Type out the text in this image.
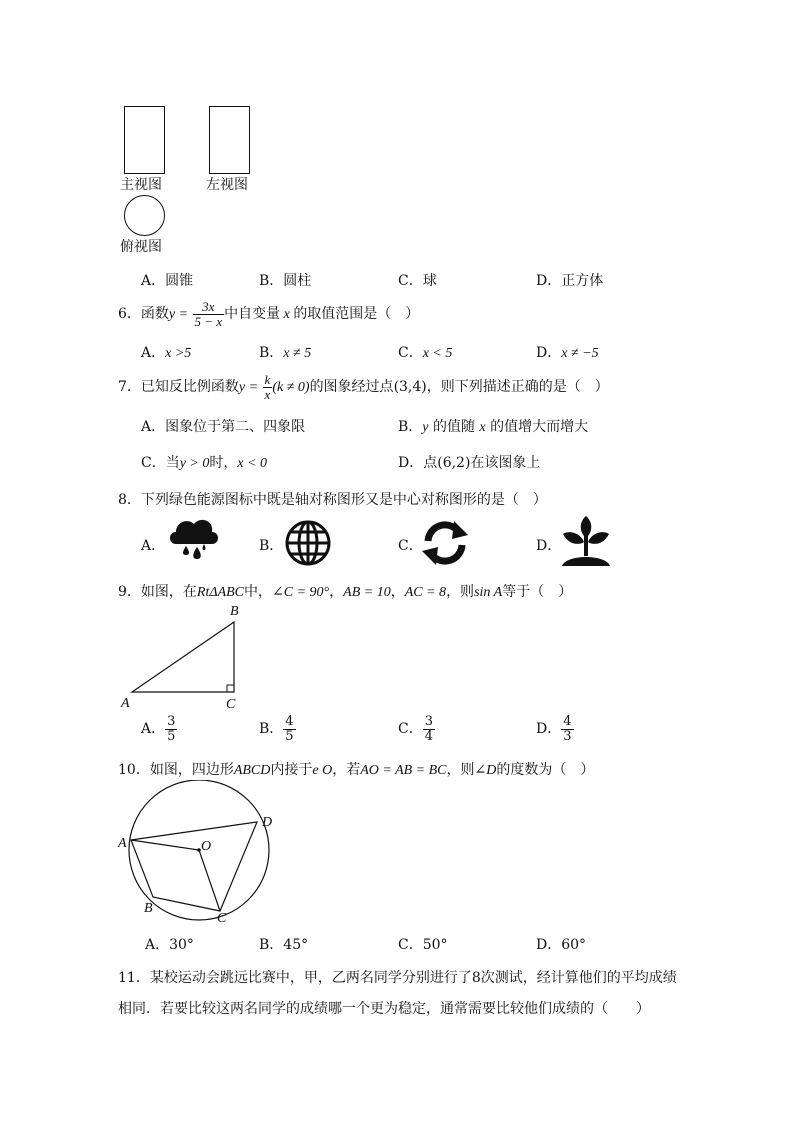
主视图	左视图
俯视图
A．圆锥	B．圆柱	C．球	D．正方体
6．函数$y = \frac{3x}{5 - x}$ 中自变量 x 的取值范围是（　）
A．x >5	B．x ≠ 5	C．x < 5	D．x ≠ −5
7．已知反比例函数$y = \frac{k}{x} (k \ne 0)$的图象经过点(3,4)，则下列描述正确的是（　）
A．图象位于第二、四象限	B．y 的值随 x 的值增大而增大
C．当y > 0时，x < 0	D．点(6,2)在该图象上
8．下列绿色能源图标中既是轴对称图形又是中心对称图形的是（　）
A．	B．	C．	D．
9．如图，在RtΔABC中，∠C = 90°，AB = 10，AC = 8，则sin A等于（　）
B
A	C
A． $\frac{3}{5}$	B． $\frac{4}{5}$	C． $\frac{3}{4}$	D． $\frac{4}{3}$
10．如图，四边形ABCD内接于e O，若AO = AB = BC，则∠D的度数为（　）
A
B
C
D
O
A．30°	B．45°	C．50°	D．60°
11．某校运动会跳远比赛中，甲，乙两名同学分别进行了8次测试，经计算他们的平均成绩
相同．若要比较这两名同学的成绩哪一个更为稳定，通常需要比较他们成绩的（　　）
